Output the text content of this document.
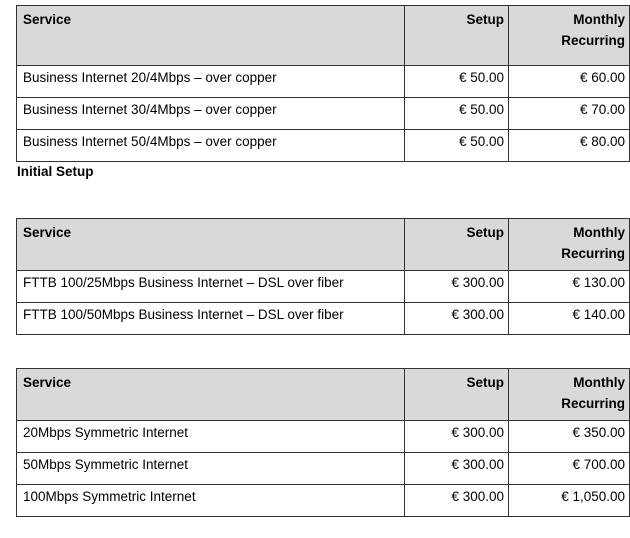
Service	Setup	Monthly Recurring
Business Internet 20/4Mbps – over copper	€ 50.00	€ 60.00
Business Internet 30/4Mbps – over copper	€ 50.00	€ 70.00
Business Internet 50/4Mbps – over copper	€ 50.00	€ 80.00

Initial Setup

Service	Setup	Monthly Recurring
FTTB 100/25Mbps Business Internet – DSL over fiber	€ 300.00	€ 130.00
FTTB 100/50Mbps Business Internet – DSL over fiber	€ 300.00	€ 140.00
Service	Setup	Monthly Recurring
20Mbps Symmetric Internet	€ 300.00	€ 350.00
50Mbps Symmetric Internet	€ 300.00	€ 700.00
100Mbps Symmetric Internet	€ 300.00	€ 1,050.00
